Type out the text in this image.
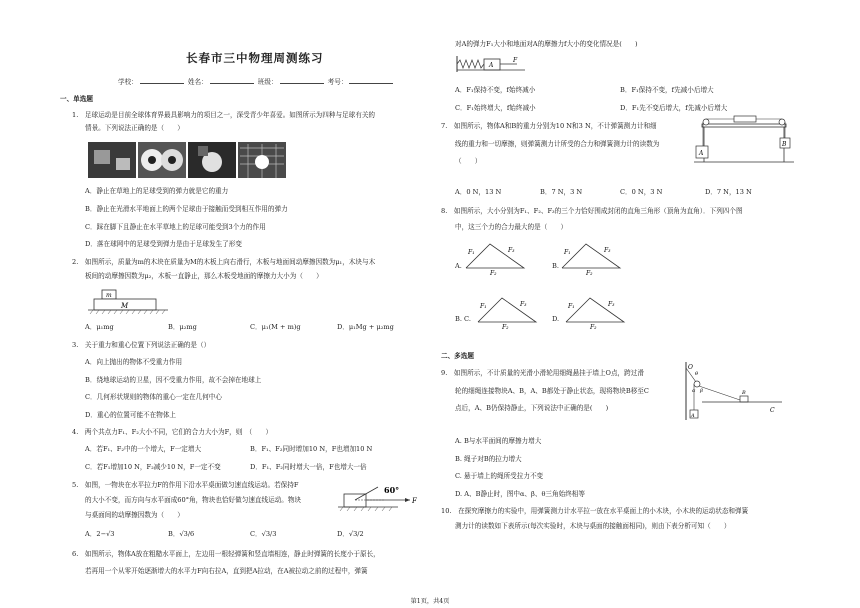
长春市三中物理周测练习
学校：	姓名：	班级：	考号：
一、单选题
1.　足球运动是目前全球体育界最具影响力的项目之一，深受青少年喜爱。如图所示为四种与足球有关的
情景。下列说法正确的是（　　）
A．静止在草地上的足球受到的弹力就是它的重力
B．静止在光滑水平地面上的两个足球由于接触而受到相互作用的弹力
C．踩在脚下且静止在水平草地上的足球可能受到3个力的作用
D．落在球网中的足球受到弹力是由于足球发生了形变
2.　如图所示，质量为m的木块在质量为M的木板上向右滑行，木板与地面间动摩擦因数为μ₁，木块与木
板间的动摩擦因数为μ₂，木板一直静止，那么木板受地面的摩擦力大小为（　　）
m
M
A．μ₁mg	B．μ₂mg	C．μ₁(M + m)g	D．μ₁Mg + μ₂mg
3.　关于重力和重心位置下列说法正确的是（）
A．向上抛出的物体不受重力作用
B．绕地球运动的卫星，因不受重力作用，故不会掉在地球上
C．几何形状规则的物体的重心一定在几何中心
D．重心的位置可能不在物体上
4.　两个共点力F₁、F₂大小不同，它们的合力大小为F，则　（　　）
A．若F₁、F₂中的一个增大，F一定增大	B．F₁、F₂同时增加10 N，F也增加10 N
C．若F₁增加10 N，F₂减少10 N，F一定不变	D．F₁、F₂同时增大一倍，F也增大一倍
5.　如图，一物块在水平拉力F的作用下沿水平桌面做匀速直线运动。若保持F
的大小不变，而方向与水平面成60°角，物块也恰好做匀速直线运动。物块
与桌面间的动摩擦因数为（　　）
60°
F
A．2−√3	B．√3/6	C．√3/3	D．√3/2
6.　如图所示，物体A放在粗糙水平面上，左边用一根轻弹簧和竖直墙相连，静止时弹簧的长度小于原长，
若再用一个从零开始逐渐增大的水平力F向右拉A，直到把A拉动，在A被拉动之前的过程中，弹簧
对A的弹力F₁大小和地面对A的摩擦力f大小的变化情况是(　　)
A
F
A．F₁保持不变，f始终减小	B．F₁保持不变，f先减小后增大
C．F₁始终增大，f始终减小	D．F₁先不变后增大，f先减小后增大
7.　如图所示，物体A和B的重力分别为10 N和3 N，不计弹簧测力计和细
线的重力和一切摩擦，则弹簧测力计所受的合力和弹簧测力计的读数为
（　　）
A
B
A．0 N，13 N	B．7 N，3 N	C．0 N，3 N	D．7 N，13 N
8.　如图所示，大小分别为F₁、F₂、F₃的三个力恰好围成封闭的直角三角形（顶角为直角）．下列四个图
中，这三个力的合力最大的是（　　）
A.
F₁	F₃
F₂
B.
F₁	F₃
F₂
B. C.
F₁	F₃
F₂
D.
F₁	F₃
F₂
二、多选题
9.　如图所示，不计质量的光滑小滑轮用细绳悬挂于墙上O点，跨过滑
轮的细绳连接物块A、B，A、B都处于静止状态，现将物块B移至C
点后，A、B仍保持静止，下列说法中正确的是(　　)
O
θ
α β
A
B
C
A. B与水平面间的摩擦力增大
B. 绳子对B的拉力增大
C. 悬于墙上的绳所受拉力不变
D. A、B静止时，图中α、β、θ三角始终相等
10.　在探究摩擦力的实验中，用弹簧测力计水平拉一放在水平桌面上的小木块，小木块的运动状态和弹簧
测力计的读数如下表所示(每次实验时，木块与桌面的接触面相同)，则由下表分析可知（　　）
第1页，共4页
